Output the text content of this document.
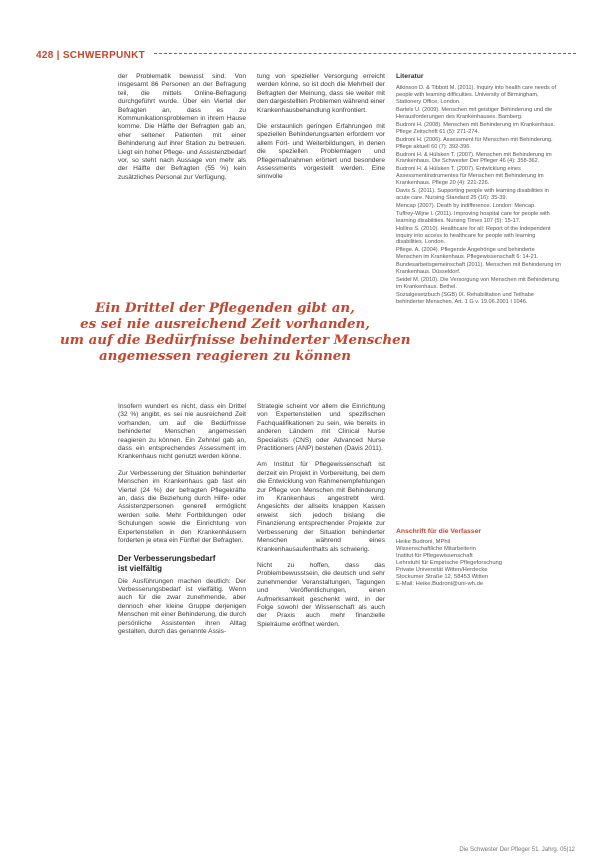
428 | SCHWERPUNKT

der Problematik bewusst sind. Von insgesamt 86 Personen an der Befragung teil, die mittels Online-Befragung durchgeführt wurde. Über ein Viertel der Befragten an, dass es zu Kommunikationsproblemen in ihrem Hause komme. Die Hälfte der Befragten gab an, eher seltener Patienten mit einer Behinderung auf ihrer Station zu betreuen. Liegt ein hoher Pflege- und Assistenzbedarf vor, so steht nach Aussage von mehr als der Hälfte der Befragten (55 %) kein zusätzliches Personal zur Verfügung.

tung von spezieller Versorgung erreicht werden könne, so ist doch die Mehrheit der Befragten der Meinung, dass sie weiter mit den dargestellten Problemen während einer Krankenhausbehandlung konfrontiert.

Die erstaunlich geringen Erfahrungen mit speziellen Behinderungsarten erfordern vor allem Fort- und Weiterbildungen, in denen die speziellen Problemlagen und Pflegemaßnahmen erörtert und besondere Assessments vorgestellt werden. Eine sinnvolle

Ein Drittel der Pflegenden gibt an,
es sei nie ausreichend Zeit vorhanden,
um auf die Bedürfnisse behinderter Menschen
angemessen reagieren zu können

Insofern wundert es nicht, dass ein Drittel (32 %) angibt, es sei nie ausreichend Zeit vorhanden, um auf die Bedürfnisse behinderter Menschen angemessen reagieren zu können. Ein Zehntel gab an, dass ein entsprechendes Assessment im Krankenhaus nicht genutzt werden könne.

Zur Verbesserung der Situation behinderter Menschen im Krankenhaus gab fast ein Viertel (24 %) der befragten Pflegekräfte an, dass die Beziehung durch Hilfe- oder Assistenzpersonen generell ermöglicht werden solle. Mehr Fortbildungen oder Schulungen sowie die Einrichtung von Expertenstellen in den Krankenhäusern forderten je etwa ein Fünftel der Befragten.

Der Verbesserungsbedarf
ist vielfältig

Die Ausführungen machen deutlich: Der Verbesserungsbedarf ist vielfältig. Wenn auch für die zwar zunehmende, aber dennoch eher kleine Gruppe derjenigen Menschen mit einer Behinderung, die durch persönliche Assistenten ihren Alltag gestalten, durch das genannte Assis-

Strategie scheint vor allem die Einrichtung von Expertenstellen und spezifischen Fachqualifikationen zu sein, wie bereits in anderen Ländern mit Clinical Nurse Specialists (CNS) oder Advanced Nurse Practitioners (ANP) bestehen (Davis 2011).

Am Institut für Pflegewissenschaft ist derzeit ein Projekt in Vorbereitung, bei dem die Entwicklung von Rahmenempfehlungen zur Pflege von Menschen mit Behinderung im Krankenhaus angestrebt wird. Angesichts der allseits knappen Kassen erweist sich jedoch bislang die Finanzierung entsprechender Projekte zur Verbesserung der Situation behinderter Menschen während eines Krankenhausaufenthalts als schwierig.

Nicht zu hoffen, dass das Problembewusstsein, die deutsch und sehr zunehmender Veranstaltungen, Tagungen und Veröffentlichungen, einen Aufmerksamkeit geschenkt wird, in der Folge sowohl der Wissenschaft als auch der Praxis auch mehr finanzielle Spielräume eröffnet werden.

Literatur

Atkinson D. & Tibbott M. (2011). Inquiry into health care needs of people with learning difficulties. University of Birmingham, Stationery Office, London.

Bartels U. (2009). Menschen mit geistiger Behinderung und die Herausforderungen des Krankenhauses. Bamberg.

Budroni H. (2008). Menschen mit Behinderung im Krankenhaus. Pflege Zeitschrift 61 (5): 271-274.

Budroni H. (2006). Assessment für Menschen mit Behinderung. Pflege aktuell 60 (7): 392-396.

Budroni H. & Hülsken T. (2007). Menschen mit Behinderung im Krankenhaus. Die Schwester Der Pfleger 46 (4): 358-362.

Budroni H. & Hülsken T. (2007). Entwicklung eines Assessmentinstrumentes für Menschen mit Behinderung im Krankenhaus. Pflege 20 (4): 221-226.

Davis S. (2011). Supporting people with learning disabilities in acute care. Nursing Standard 25 (16): 35-39.

Mencap (2007). Death by indifference. London: Mencap.

Tuffrey-Wijne I. (2011). Improving hospital care for people with learning disabilities. Nursing Times 107 (5): 15-17.

Hollins S. (2010). Healthcare for all: Report of the independent inquiry into access to healthcare for people with learning disabilities. London.

Pflege. A. (2004). Pflegende Angehörige und behinderte Menschen im Krankenhaus. Pflegewissenschaft 6: 14-21.

Bundesarbeitsgemeinschaft (2011). Menschen mit Behinderung im Krankenhaus. Düsseldorf.

Seidel M. (2010). Die Versorgung von Menschen mit Behinderung im Krankenhaus. Bethel.

Sozialgesetzbuch (SGB) IX. Rehabilitation und Teilhabe behinderter Menschen. Art. 1 G v. 19.06.2001 I 1046.

Anschrift für die Verfasser

Heike Budroni, MPhil

Wissenschaftliche Mitarbeiterin

Institut für Pflegewissenschaft

Lehrstuhl für Empirische Pflegeforschung

Private Universität Witten/Herdecke

Stockumer Straße 12, 58453 Witten

E-Mail: Heike.Budroni@uni-wh.de

Die Schwester Der Pfleger 51. Jahrg. 05|12
